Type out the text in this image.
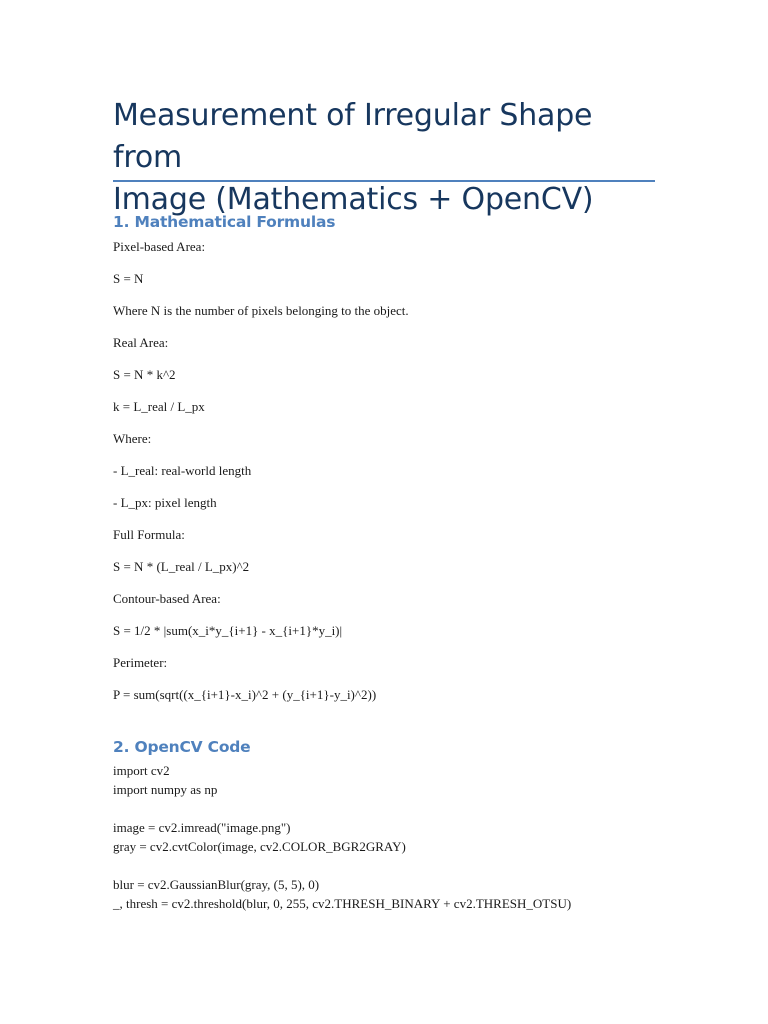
Measurement of Irregular Shape from
Image (Mathematics + OpenCV)
1. Mathematical Formulas

Pixel-based Area:

S = N

Where N is the number of pixels belonging to the object.

Real Area:

S = N * k^2

k = L_real / L_px

Where:

- L_real: real-world length

- L_px: pixel length

Full Formula:

S = N * (L_real / L_px)^2

Contour-based Area:

S = 1/2 * |sum(x_i*y_{i+1} - x_{i+1}*y_i)|

Perimeter:

P = sum(sqrt((x_{i+1}-x_i)^2 + (y_{i+1}-y_i)^2))

2. OpenCV Code

import cv2

import numpy as np

image = cv2.imread("image.png")

gray = cv2.cvtColor(image, cv2.COLOR_BGR2GRAY)

blur = cv2.GaussianBlur(gray, (5, 5), 0)

_, thresh = cv2.threshold(blur, 0, 255, cv2.THRESH_BINARY + cv2.THRESH_OTSU)
